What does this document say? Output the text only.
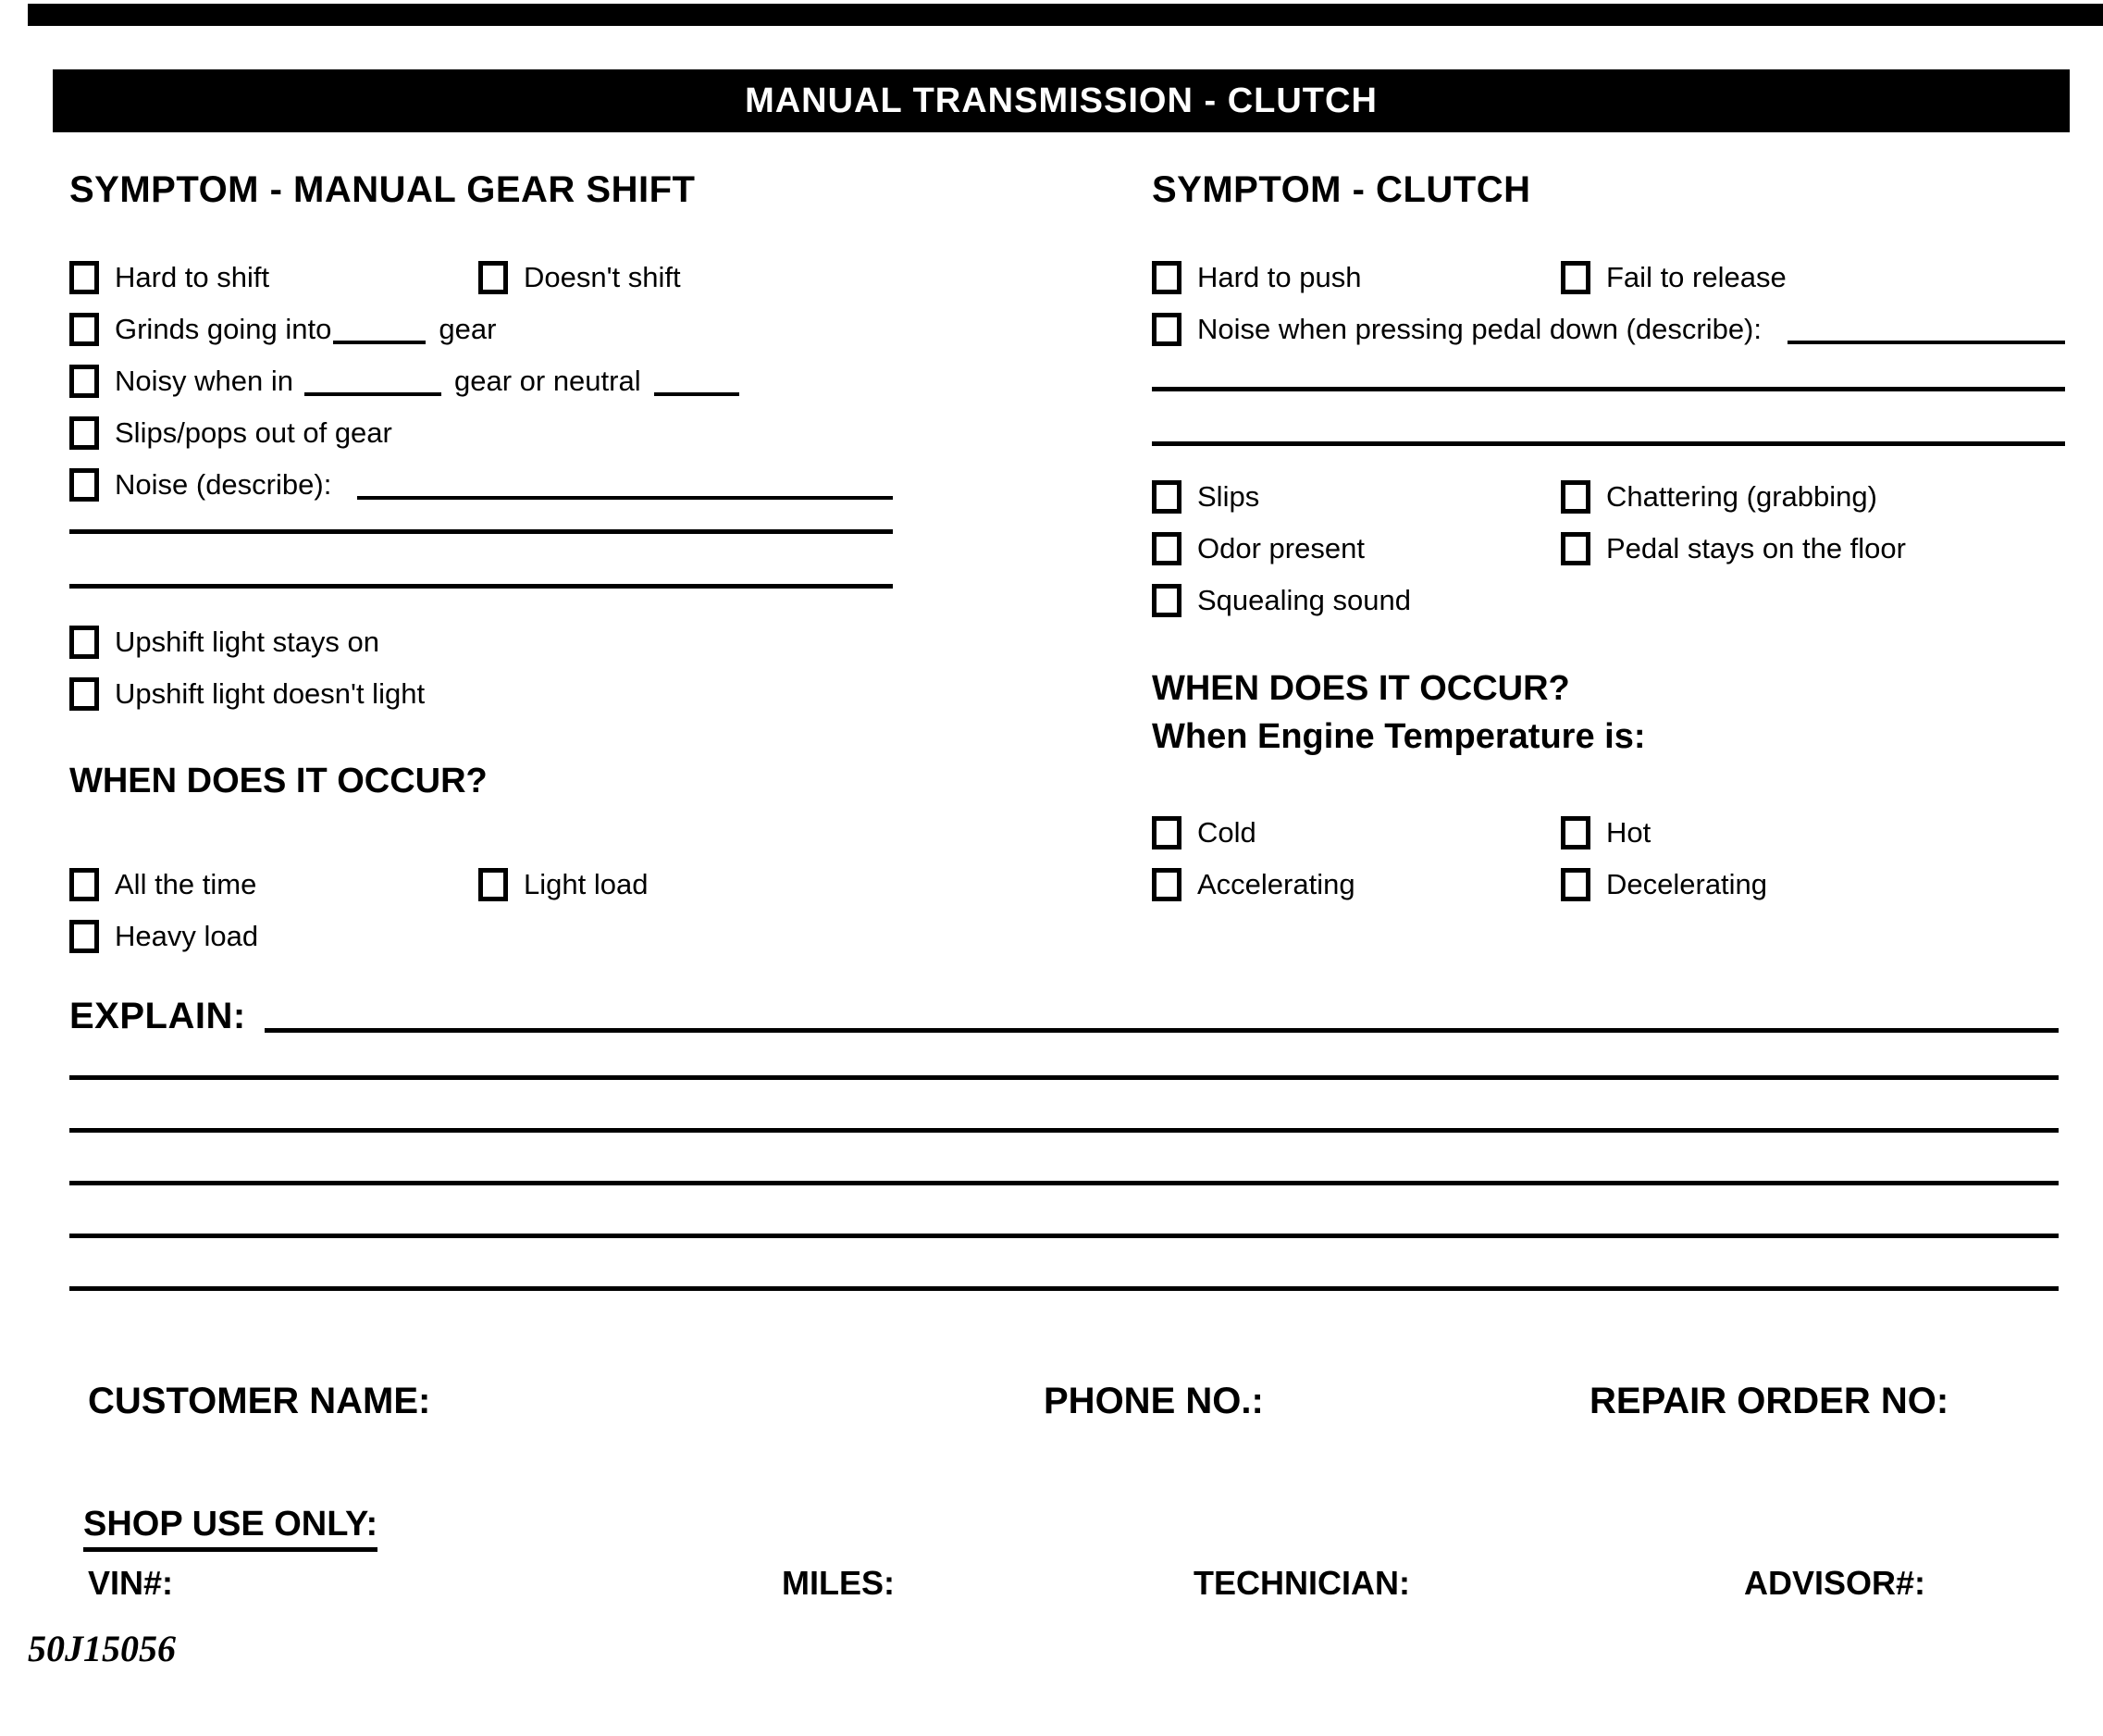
MANUAL TRANSMISSION - CLUTCH
SYMPTOM - MANUAL GEAR SHIFT
Hard to shift	Doesn't shift
Grinds going into	gear
Noisy when in	gear or neutral
Slips/pops out of gear
Noise (describe):
Upshift light stays on
Upshift light doesn't light
WHEN DOES IT OCCUR?
All the time	Light load
Heavy load
SYMPTOM - CLUTCH
Hard to push	Fail to release
Noise when pressing pedal down (describe):
Slips	Chattering (grabbing)
Odor present	Pedal stays on the floor
Squealing sound
WHEN DOES IT OCCUR?
When Engine Temperature is:
Cold	Hot
Accelerating	Decelerating
EXPLAIN:
CUSTOMER NAME:	PHONE NO.:	REPAIR ORDER NO:
SHOP USE ONLY:
VIN#:	MILES:	TECHNICIAN:	ADVISOR#:
50J15056
